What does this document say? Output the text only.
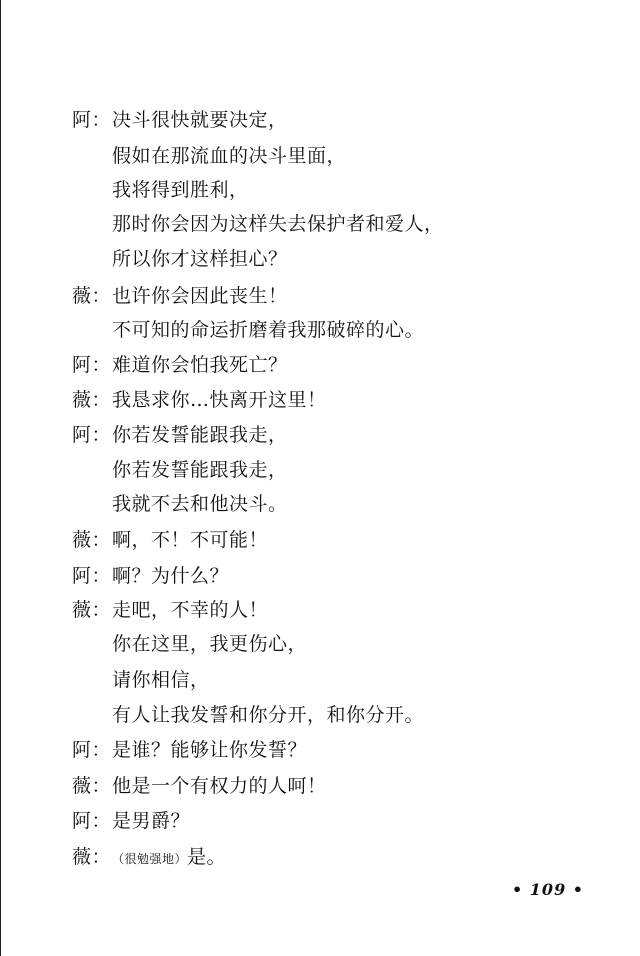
阿： 决斗很快就要决定，
假如在那流血的决斗里面，
我将得到胜利，
那时你会因为这样失去保护者和爱人，
所以你才这样担心？
薇： 也许你会因此丧生！
不可知的命运折磨着我那破碎的心。
阿： 难道你会怕我死亡？
薇： 我恳求你…快离开这里！
阿： 你若发誓能跟我走，
你若发誓能跟我走，
我就不去和他决斗。
薇： 啊，不！不可能！
阿： 啊？为什么？
薇： 走吧，不幸的人！
你在这里，我更伤心，
请你相信，
有人让我发誓和你分开，和你分开。
阿： 是谁？能够让你发誓？
薇： 他是一个有权力的人呵！
阿： 是男爵？
薇： （很勉强地）是。
• 109 •
